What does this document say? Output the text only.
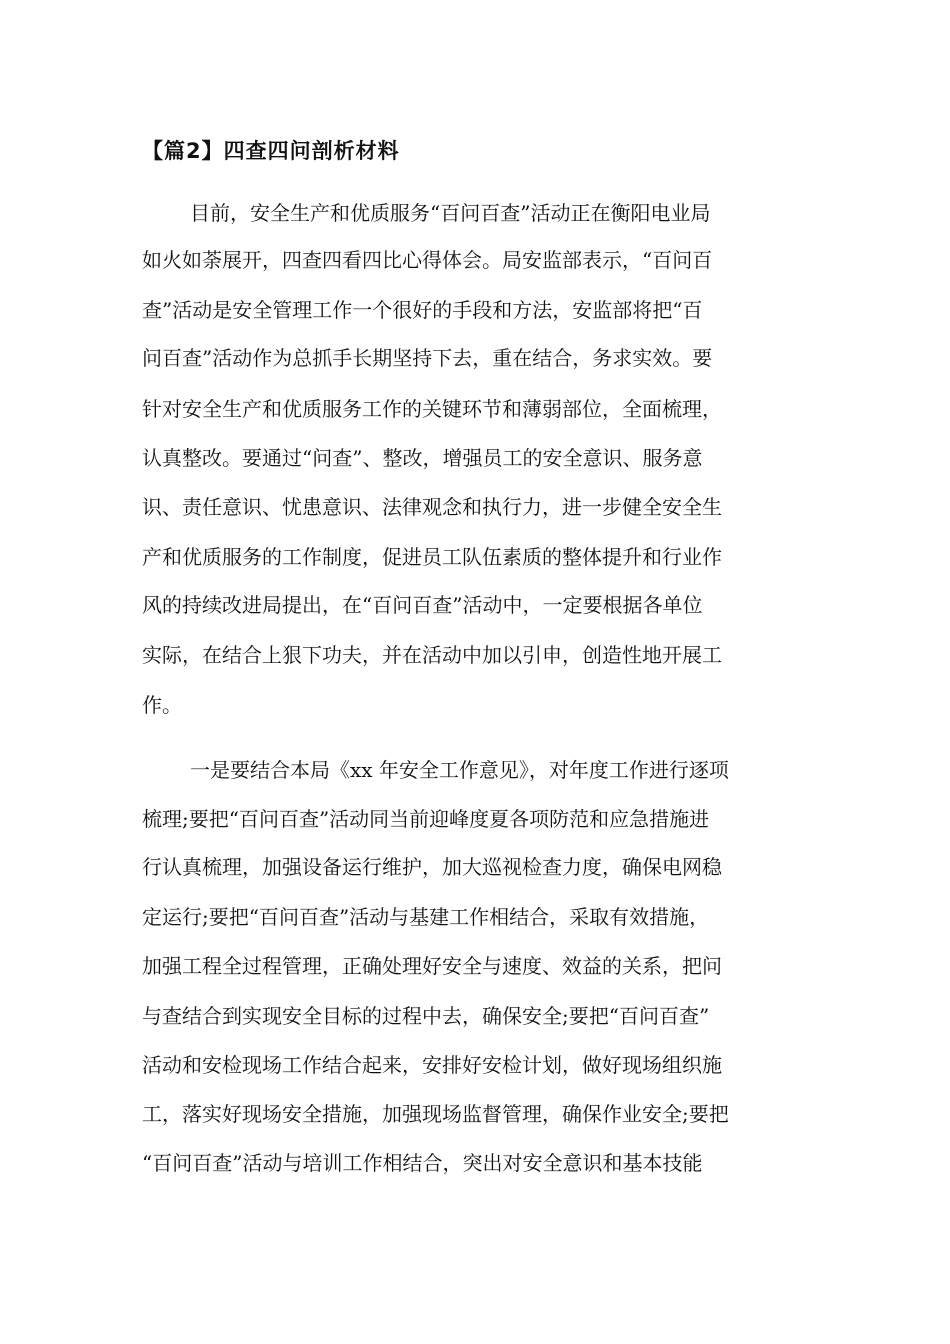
【篇2】四查四问剖析材料
目前，安全生产和优质服务“百问百查”活动正在衡阳电业局
如火如荼展开，四查四看四比心得体会。局安监部表示，“百问百
查”活动是安全管理工作一个很好的手段和方法，安监部将把“百
问百查”活动作为总抓手长期坚持下去，重在结合，务求实效。要
针对安全生产和优质服务工作的关键环节和薄弱部位，全面梳理，
认真整改。要通过“问查”、整改，增强员工的安全意识、服务意
识、责任意识、忧患意识、法律观念和执行力，进一步健全安全生
产和优质服务的工作制度，促进员工队伍素质的整体提升和行业作
风的持续改进局提出，在“百问百查”活动中，一定要根据各单位
实际，在结合上狠下功夫，并在活动中加以引申，创造性地开展工
作。
一是要结合本局《xx 年安全工作意见》，对年度工作进行逐项
梳理;要把“百问百查”活动同当前迎峰度夏各项防范和应急措施进
行认真梳理，加强设备运行维护，加大巡视检查力度，确保电网稳
定运行;要把“百问百查”活动与基建工作相结合，采取有效措施，
加强工程全过程管理，正确处理好安全与速度、效益的关系，把问
与查结合到实现安全目标的过程中去，确保安全;要把“百问百查”
活动和安检现场工作结合起来，安排好安检计划，做好现场组织施
工，落实好现场安全措施，加强现场监督管理，确保作业安全;要把
“百问百查”活动与培训工作相结合，突出对安全意识和基本技能
